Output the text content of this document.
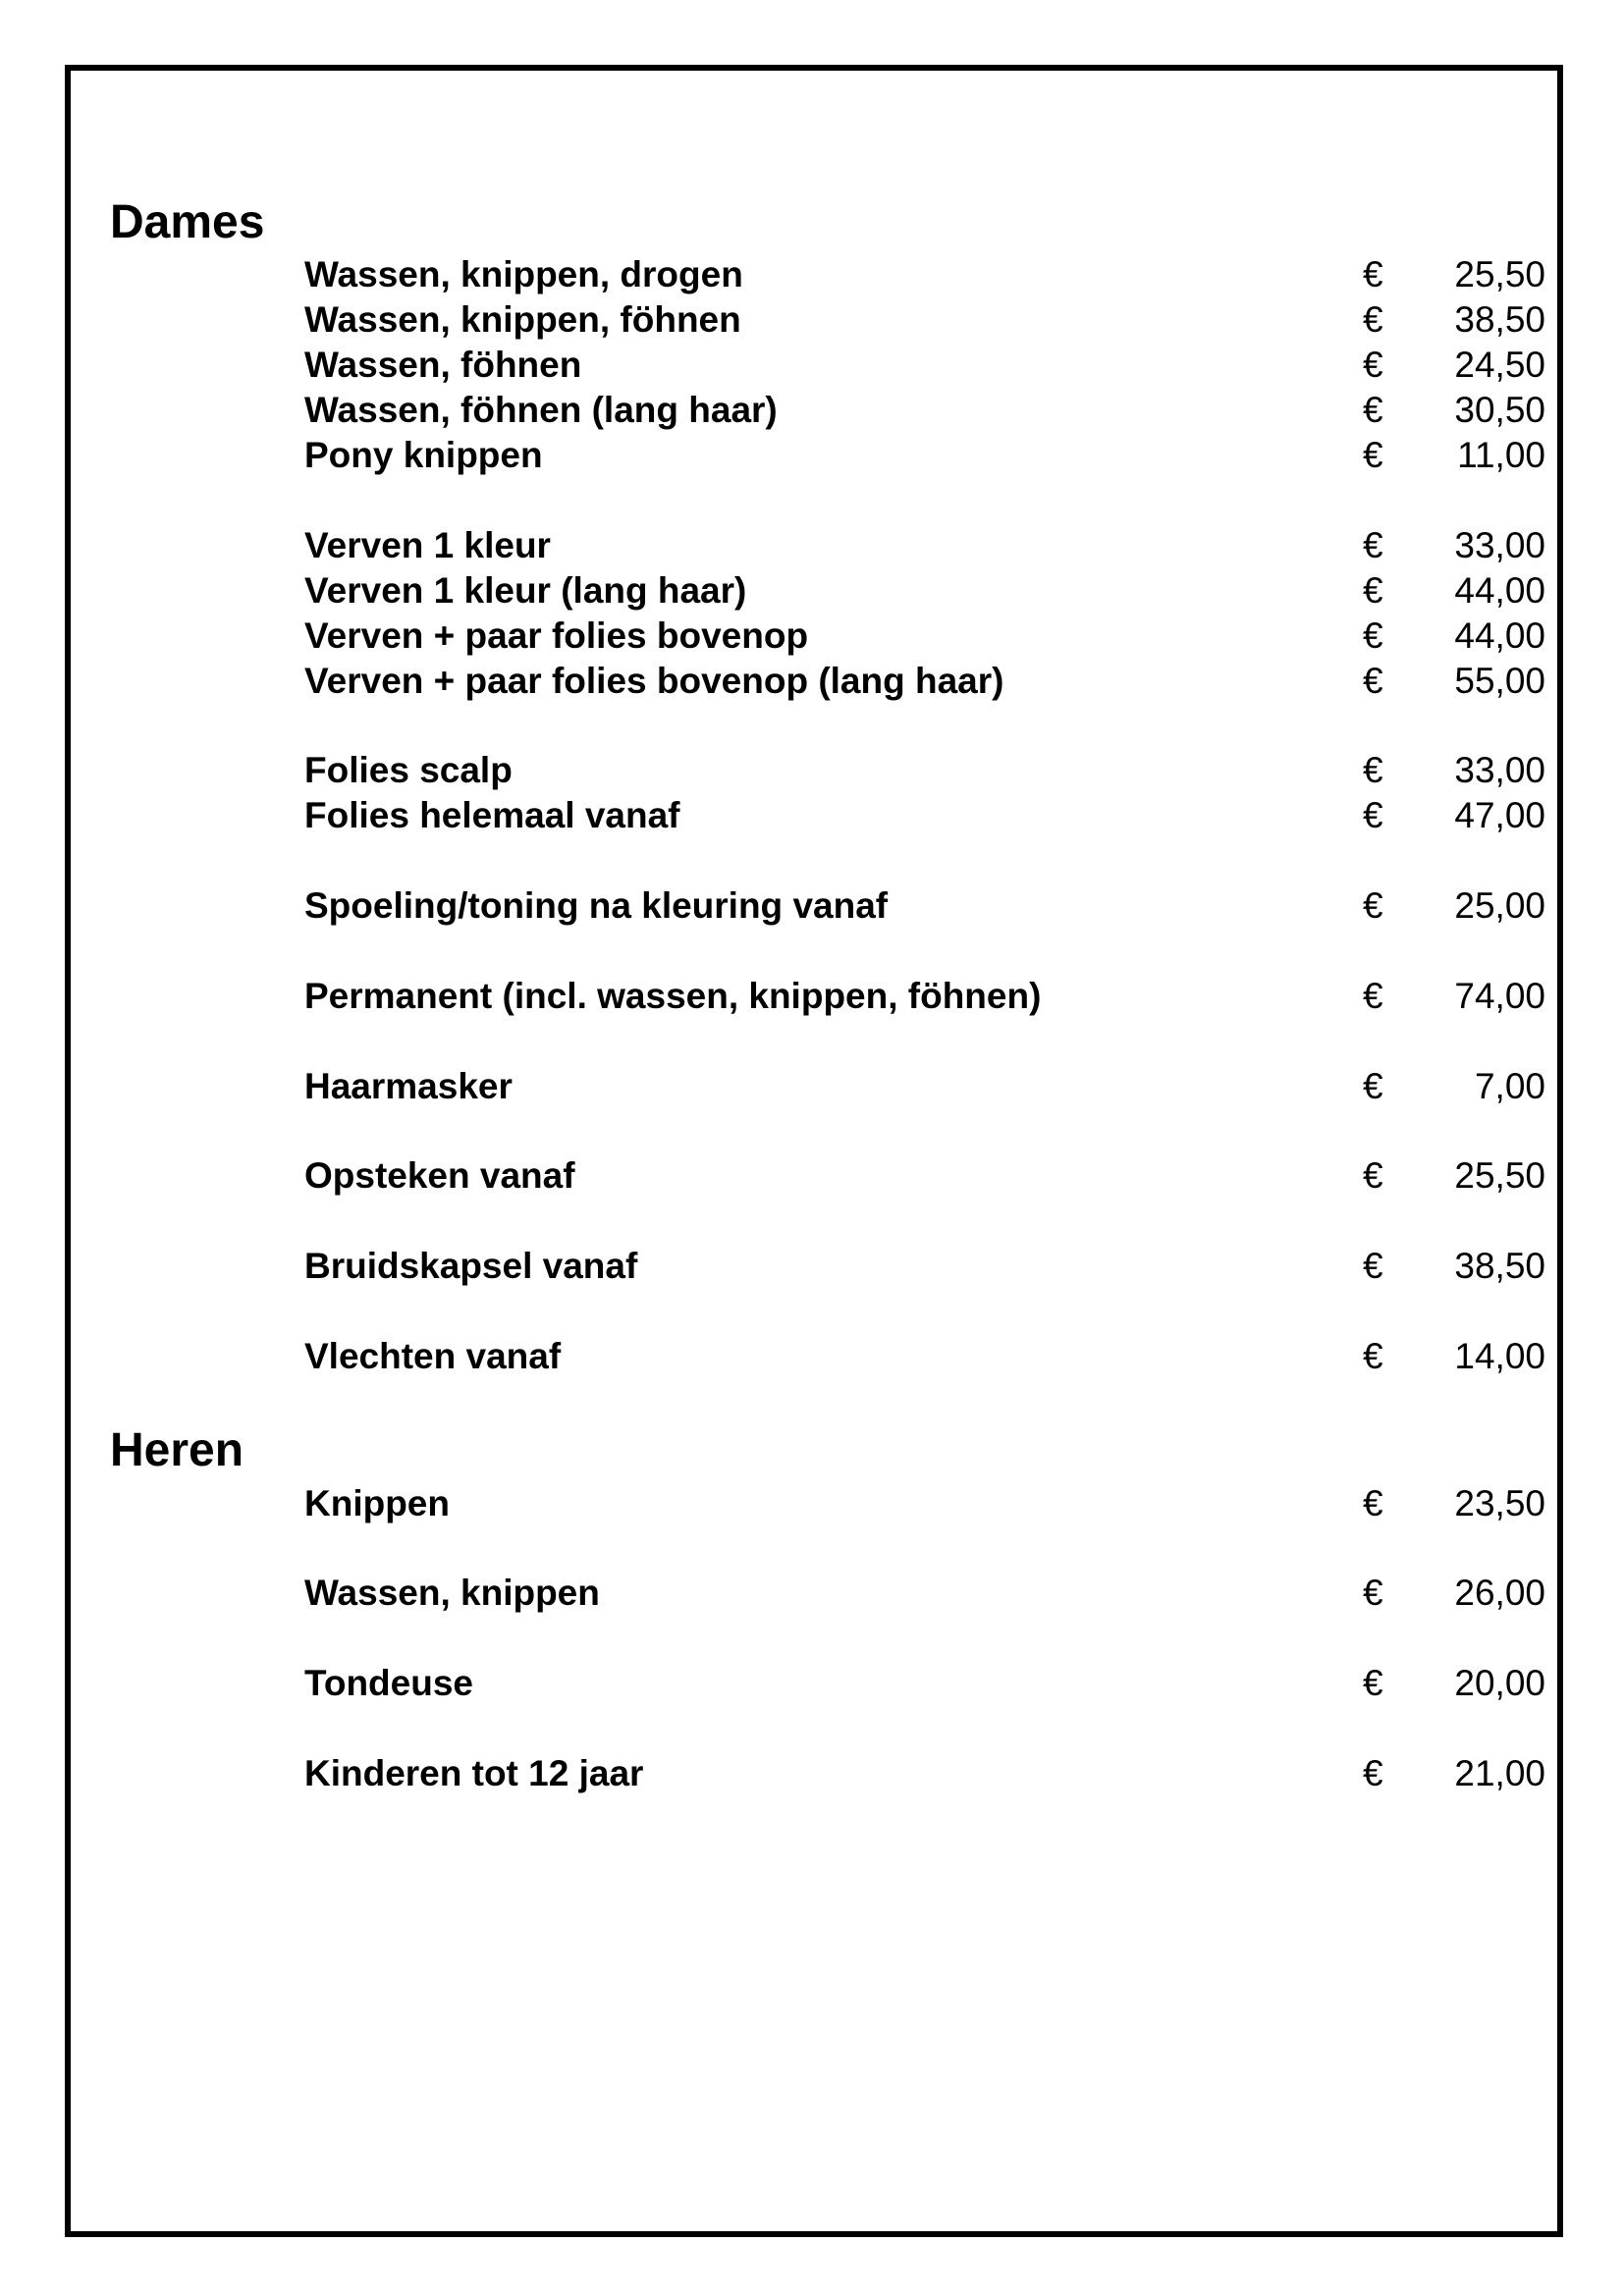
Dames
Wassen, knippen, drogen	€ 25,50
Wassen, knippen, föhnen	€ 38,50
Wassen, föhnen	€ 24,50
Wassen, föhnen (lang haar)	€ 30,50
Pony knippen	€ 11,00
Verven 1 kleur	€ 33,00
Verven 1 kleur (lang haar)	€ 44,00
Verven + paar folies bovenop	€ 44,00
Verven + paar folies bovenop (lang haar)	€ 55,00
Folies scalp	€ 33,00
Folies helemaal vanaf	€ 47,00
Spoeling/toning na kleuring vanaf	€ 25,00
Permanent (incl. wassen, knippen, föhnen)	€ 74,00
Haarmasker	€	7,00
Opsteken vanaf	€ 25,50
Bruidskapsel vanaf	€ 38,50
Vlechten vanaf	€ 14,00
Heren
Knippen	€ 23,50
Wassen, knippen	€ 26,00
Tondeuse	€ 20,00
Kinderen tot 12 jaar	€ 21,00
